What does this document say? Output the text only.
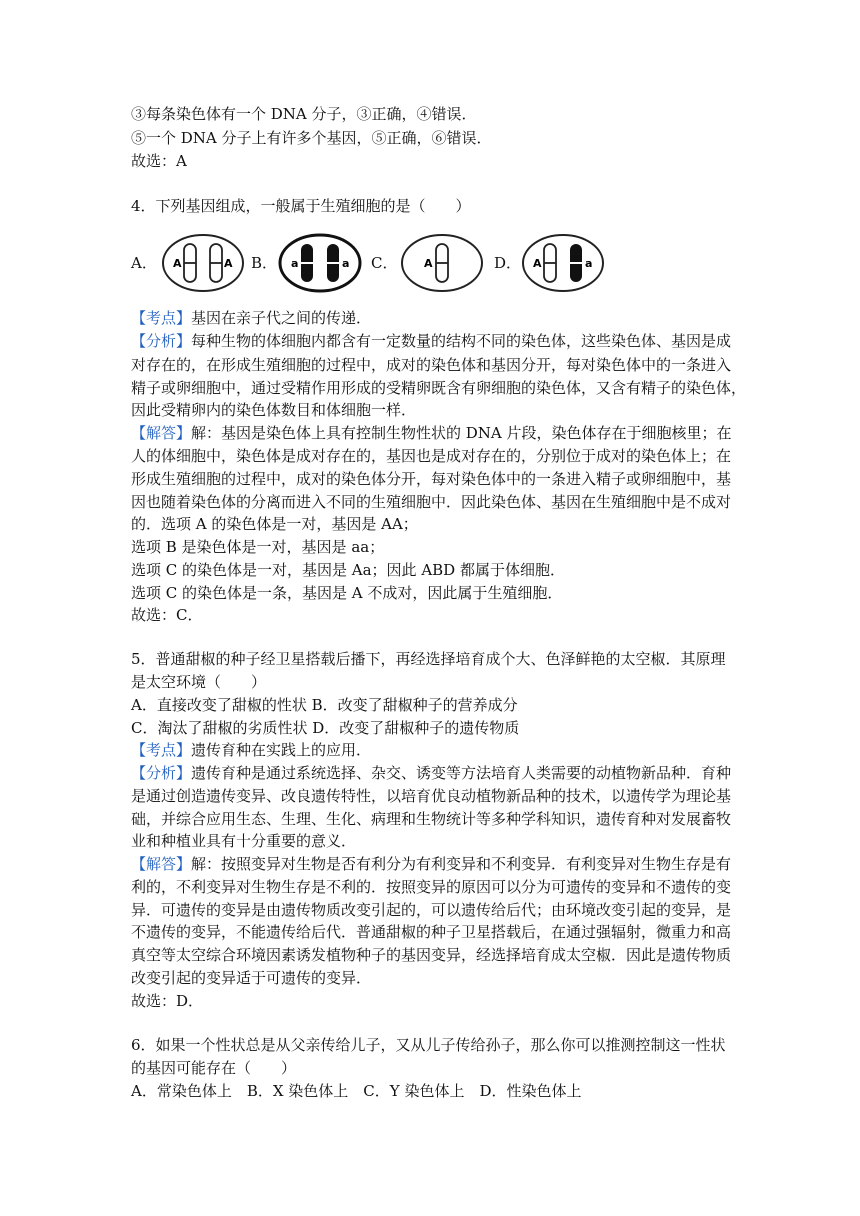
③每条染色体有一个 DNA 分子，③正确，④错误．
⑤一个 DNA 分子上有许多个基因，⑤正确，⑥错误．
故选：A
4．下列基因组成，一般属于生殖细胞的是（　　）
A． A	A B． a	a C． A	D． A	a
【考点】基因在亲子代之间的传递．
【分析】每种生物的体细胞内都含有一定数量的结构不同的染色体，这些染色体、基因是成
对存在的，在形成生殖细胞的过程中，成对的染色体和基因分开，每对染色体中的一条进入
精子或卵细胞中，通过受精作用形成的受精卵既含有卵细胞的染色体，又含有精子的染色体，
因此受精卵内的染色体数目和体细胞一样．
【解答】解：基因是染色体上具有控制生物性状的 DNA 片段，染色体存在于细胞核里；在
人的体细胞中，染色体是成对存在的，基因也是成对存在的，分别位于成对的染色体上；在
形成生殖细胞的过程中，成对的染色体分开，每对染色体中的一条进入精子或卵细胞中，基
因也随着染色体的分离而进入不同的生殖细胞中．因此染色体、基因在生殖细胞中是不成对
的．选项 A 的染色体是一对，基因是 AA；
选项 B 是染色体是一对，基因是 aa；
选项 C 的染色体是一对，基因是 Aa；因此 ABD 都属于体细胞．
选项 C 的染色体是一条，基因是 A 不成对，因此属于生殖细胞．
故选：C．
5．普通甜椒的种子经卫星搭载后播下，再经选择培育成个大、色泽鲜艳的太空椒．其原理
是太空环境（　　）
A．直接改变了甜椒的性状 B．改变了甜椒种子的营养成分
C．淘汰了甜椒的劣质性状 D．改变了甜椒种子的遗传物质
【考点】遗传育种在实践上的应用．
【分析】遗传育种是通过系统选择、杂交、诱变等方法培育人类需要的动植物新品种．育种
是通过创造遗传变异、改良遗传特性，以培育优良动植物新品种的技术，以遗传学为理论基
础，并综合应用生态、生理、生化、病理和生物统计等多种学科知识，遗传育种对发展畜牧
业和种植业具有十分重要的意义．
【解答】解：按照变异对生物是否有利分为有利变异和不利变异．有利变异对生物生存是有
利的，不利变异对生物生存是不利的．按照变异的原因可以分为可遗传的变异和不遗传的变
异．可遗传的变异是由遗传物质改变引起的，可以遗传给后代；由环境改变引起的变异，是
不遗传的变异，不能遗传给后代．普通甜椒的种子卫星搭载后，在通过强辐射，微重力和高
真空等太空综合环境因素诱发植物种子的基因变异，经选择培育成太空椒．因此是遗传物质
改变引起的变异适于可遗传的变异．
故选：D．
6．如果一个性状总是从父亲传给儿子，又从儿子传给孙子，那么你可以推测控制这一性状
的基因可能存在（　　）
A．常染色体上　B．X 染色体上　C．Y 染色体上　D．性染色体上
